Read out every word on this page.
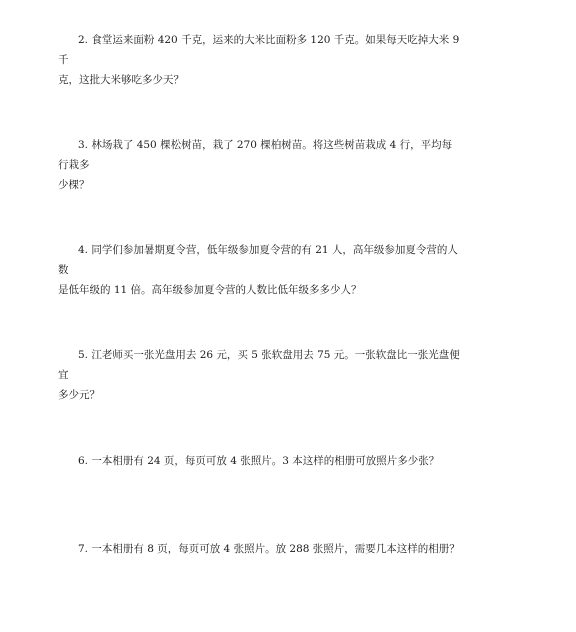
2. 食堂运来面粉 420 千克，运来的大米比面粉多 120 千克。如果每天吃掉大米 9 千

克，这批大米够吃多少天？

3. 林场栽了 450 棵松树苗，栽了 270 棵柏树苗。将这些树苗栽成 4 行，平均每行栽多

少棵？

4. 同学们参加暑期夏令营，低年级参加夏令营的有 21 人，高年级参加夏令营的人数

是低年级的 11 倍。高年级参加夏令营的人数比低年级多多少人？

5. 江老师买一张光盘用去 26 元，买 5 张软盘用去 75 元。一张软盘比一张光盘便宜

多少元？

6. 一本相册有 24 页，每页可放 4 张照片。3 本这样的相册可放照片多少张？

7. 一本相册有 8 页，每页可放 4 张照片。放 288 张照片，需要几本这样的相册？
